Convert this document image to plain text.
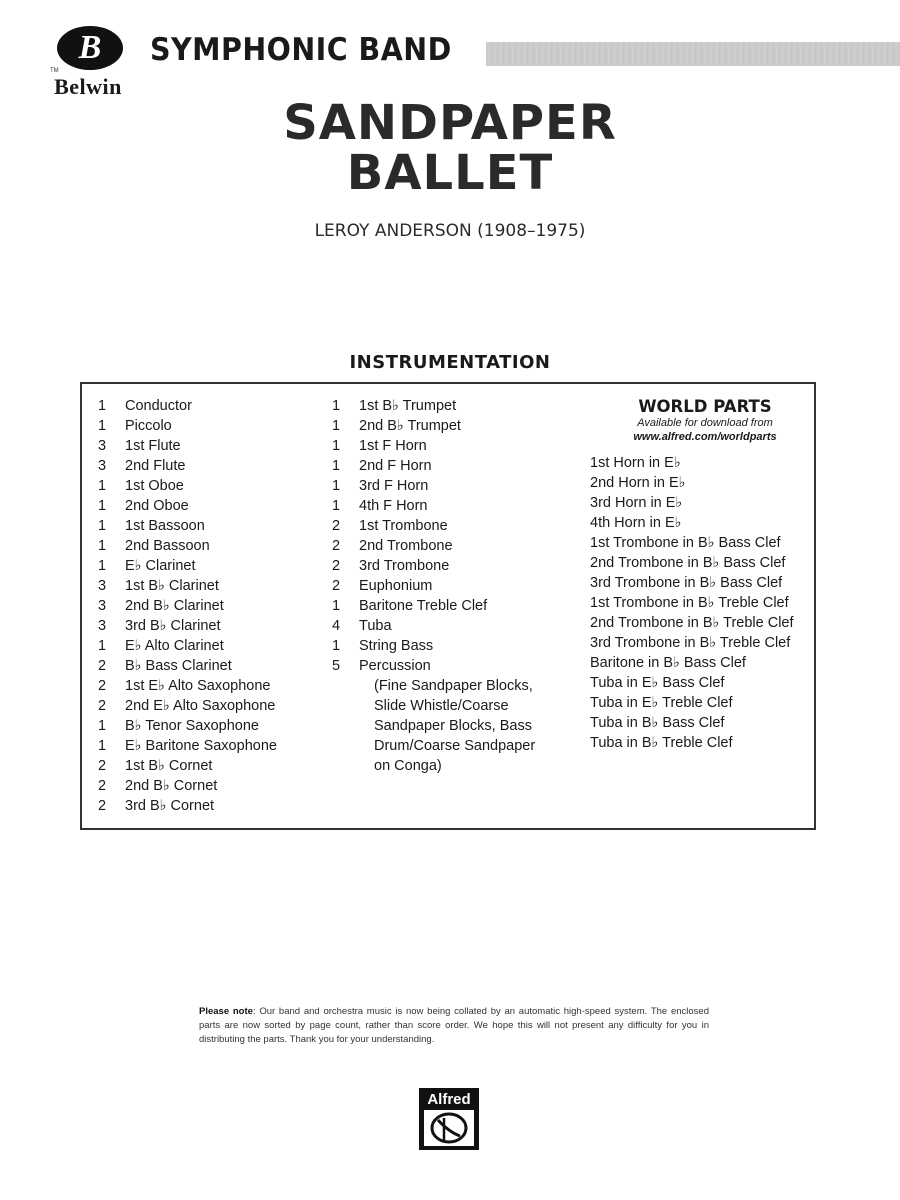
B
TM
Belwin
SYMPHONIC BAND
SANDPAPER
BALLET
LEROY ANDERSON (1908–1975)
INSTRUMENTATION
1 Conductor
1 Piccolo
3 1st Flute
3 2nd Flute
1 1st Oboe
1 2nd Oboe
1 1st Bassoon
1 2nd Bassoon
1 E♭ Clarinet
3 1st B♭ Clarinet
3 2nd B♭ Clarinet
3 3rd B♭ Clarinet
1 E♭ Alto Clarinet
2 B♭ Bass Clarinet
2 1st E♭ Alto Saxophone
2 2nd E♭ Alto Saxophone
1 B♭ Tenor Saxophone
1 E♭ Baritone Saxophone
2 1st B♭ Cornet
2 2nd B♭ Cornet
2 3rd B♭ Cornet
1 1st B♭ Trumpet
1 2nd B♭ Trumpet
1 1st F Horn
1 2nd F Horn
1 3rd F Horn
1 4th F Horn
2 1st Trombone
2 2nd Trombone
2 3rd Trombone
2 Euphonium
1 Baritone Treble Clef
4 Tuba
1 String Bass
5 Percussion
(Fine Sandpaper Blocks,
Slide Whistle/Coarse
Sandpaper Blocks, Bass
Drum/Coarse Sandpaper
on Conga)
WORLD PARTS
Available for download from
www.alfred.com/worldparts
1st Horn in E♭
2nd Horn in E♭
3rd Horn in E♭
4th Horn in E♭
1st Trombone in B♭ Bass Clef
2nd Trombone in B♭ Bass Clef
3rd Trombone in B♭ Bass Clef
1st Trombone in B♭ Treble Clef
2nd Trombone in B♭ Treble Clef
3rd Trombone in B♭ Treble Clef
Baritone in B♭ Bass Clef
Tuba in E♭ Bass Clef
Tuba in E♭ Treble Clef
Tuba in B♭ Bass Clef
Tuba in B♭ Treble Clef
Please note: Our band and orchestra music is now being collated by an automatic high-speed system. The enclosed parts are now sorted by page count, rather than score order. We hope this will not present any difficulty for you in distributing the parts. Thank you for your understanding.
Alfred
